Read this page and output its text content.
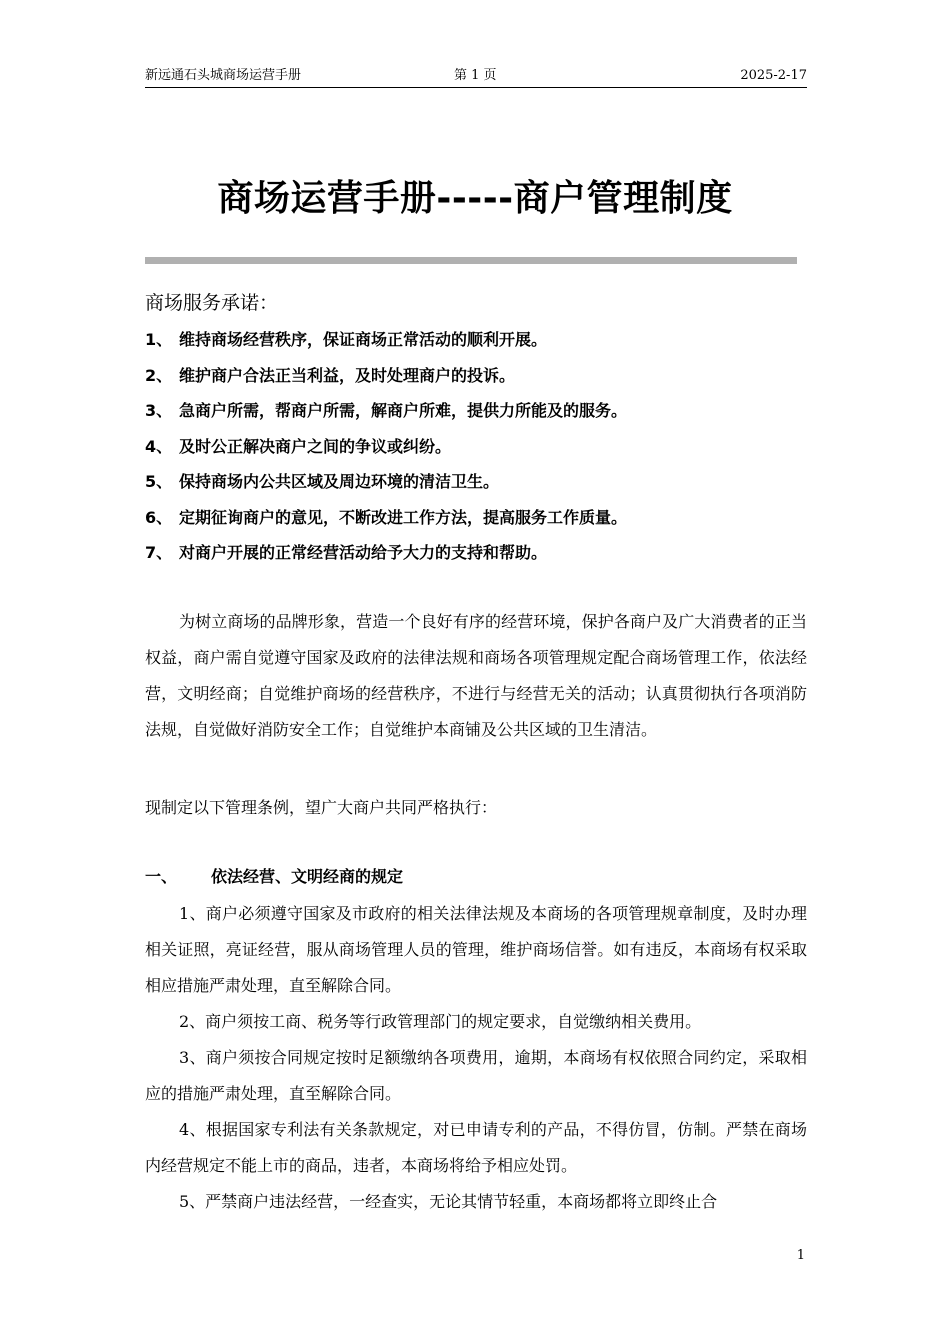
新远通石头城商场运营手册	第 1 页	2025-2-17
商场运营手册-----商户管理制度
商场服务承诺：
1、 维持商场经营秩序，保证商场正常活动的顺利开展。
2、 维护商户合法正当利益，及时处理商户的投诉。
3、 急商户所需，帮商户所需，解商户所难，提供力所能及的服务。
4、 及时公正解决商户之间的争议或纠纷。
5、 保持商场内公共区域及周边环境的清洁卫生。
6、 定期征询商户的意见，不断改进工作方法，提高服务工作质量。
7、 对商户开展的正常经营活动给予大力的支持和帮助。

为树立商场的品牌形象，营造一个良好有序的经营环境，保护各商户及广大消费者的正当权益，商户需自觉遵守国家及政府的法律法规和商场各项管理规定配合商场管理工作，依法经营，文明经商；自觉维护商场的经营秩序，不进行与经营无关的活动；认真贯彻执行各项消防法规，自觉做好消防安全工作；自觉维护本商铺及公共区域的卫生清洁。

现制定以下管理条例，望广大商户共同严格执行：

一、 依法经营、文明经商的规定

1、商户必须遵守国家及市政府的相关法律法规及本商场的各项管理规章制度，及时办理相关证照，亮证经营，服从商场管理人员的管理，维护商场信誉。如有违反，本商场有权采取相应措施严肃处理，直至解除合同。

2、商户须按工商、税务等行政管理部门的规定要求，自觉缴纳相关费用。

3、商户须按合同规定按时足额缴纳各项费用，逾期，本商场有权依照合同约定，采取相应的措施严肃处理，直至解除合同。

4、根据国家专利法有关条款规定，对已申请专利的产品，不得仿冒，仿制。严禁在商场内经营规定不能上市的商品，违者，本商场将给予相应处罚。

5、严禁商户违法经营，一经查实，无论其情节轻重，本商场都将立即终止合

1
